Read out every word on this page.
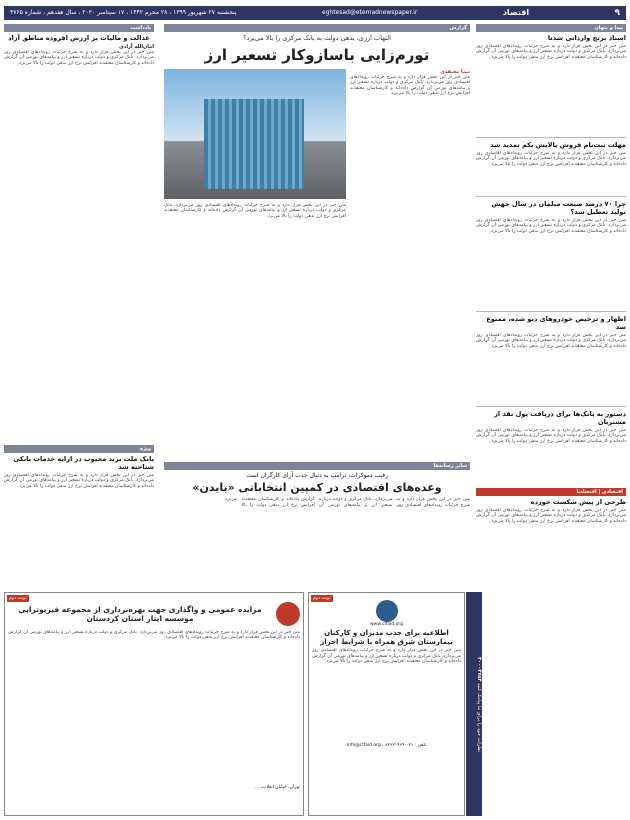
۹
اقتصاد
eghtesad@etemadnewspaper.ir
پنجشنبه ۲۷ شهریور ۱۳۹۹ ، ۲۸ محرم ۱۴۴۲ ، ۱۷ سپتامبر ۲۰۲۰ ، سال هفدهم ، شماره ۴۷۶۵
پیدا و پنهان
اسناد برنج وارداتی شدنا
متن خبر در این بخش قرار دارد و به شرح جزئیات رویدادهای اقتصادی روز می‌پردازد. بانک مرکزی و دولت درباره تسعیر ارز و پیامدهای تورمی آن گزارش داده‌اند و کارشناسان معتقدند افزایش نرخ ارز بدهی دولت را بالا می‌برد.
مهلت ثبت‌نام فروش پالایش یکم تمدید شد
متن خبر در این بخش قرار دارد و به شرح جزئیات رویدادهای اقتصادی روز می‌پردازد. بانک مرکزی و دولت درباره تسعیر ارز و پیامدهای تورمی آن گزارش داده‌اند و کارشناسان معتقدند افزایش نرخ ارز بدهی دولت را بالا می‌برد.
چرا ۷۰ درصد صنعت مبلمان در سال جهش تولید تعطیل شد؟
متن خبر در این بخش قرار دارد و به شرح جزئیات رویدادهای اقتصادی روز می‌پردازد. بانک مرکزی و دولت درباره تسعیر ارز و پیامدهای تورمی آن گزارش داده‌اند و کارشناسان معتقدند افزایش نرخ ارز بدهی دولت را بالا می‌برد.
اظهار و ترخیص خودروهای دیو شده، ممنوع شد
متن خبر در این بخش قرار دارد و به شرح جزئیات رویدادهای اقتصادی روز می‌پردازد. بانک مرکزی و دولت درباره تسعیر ارز و پیامدهای تورمی آن گزارش داده‌اند و کارشناسان معتقدند افزایش نرخ ارز بدهی دولت را بالا می‌برد.
دستور به بانک‌ها برای دریافت پول نقد از مشتریان
متن خبر در این بخش قرار دارد و به شرح جزئیات رویدادهای اقتصادی روز می‌پردازد. بانک مرکزی و دولت درباره تسعیر ارز و پیامدهای تورمی آن گزارش داده‌اند و کارشناسان معتقدند افزایش نرخ ارز بدهی دولت را بالا می‌برد.
اقتصادی | اقتصادنا
طرحی از پیش شکست خورده
متن خبر در این بخش قرار دارد و به شرح جزئیات رویدادهای اقتصادی روز می‌پردازد. بانک مرکزی و دولت درباره تسعیر ارز و پیامدهای تورمی آن گزارش داده‌اند و کارشناسان معتقدند افزایش نرخ ارز بدهی دولت را بالا می‌برد.
گزارش
التهاب ارزی، بدهی دولت به بانک مرکزی را بالا می‌برد؟
تورم‌زایی باسازوکار تسعیر ارز
نیما معتقدی
متن خبر در این بخش قرار دارد و به شرح جزئیات رویدادهای اقتصادی روز می‌پردازد. بانک مرکزی و دولت درباره تسعیر ارز و پیامدهای تورمی آن گزارش داده‌اند و کارشناسان معتقدند افزایش نرخ ارز بدهی دولت را بالا می‌برد.
متن خبر در این بخش قرار دارد و به شرح جزئیات رویدادهای اقتصادی روز می‌پردازد. بانک مرکزی و دولت درباره تسعیر ارز و پیامدهای تورمی آن گزارش داده‌اند و کارشناسان معتقدند افزایش نرخ ارز بدهی دولت را بالا می‌برد.
یادداشت
عدالت و مالیات بر ارزش افزوده مناطق آزاد
امان‌الله آزادی
متن خبر در این بخش قرار دارد و به شرح جزئیات رویدادهای اقتصادی روز می‌پردازد. بانک مرکزی و دولت درباره تسعیر ارز و پیامدهای تورمی آن گزارش داده‌اند و کارشناسان معتقدند افزایش نرخ ارز بدهی دولت را بالا می‌برد.
ویژه
بانک ملت برند محبوب در ارایه خدمات بانکی شناخته شد
متن خبر در این بخش قرار دارد و به شرح جزئیات رویدادهای اقتصادی روز می‌پردازد. بانک مرکزی و دولت درباره تسعیر ارز و پیامدهای تورمی آن گزارش داده‌اند و کارشناسان معتقدند افزایش نرخ ارز بدهی دولت را بالا می‌برد.
سایر رسانه‌ها
رقیب دموکرات، ترامپ به دنبال جذب آرای کارگران است
وعده‌های اقتصادی در کمپین انتخاباتی «بایدن»
متن خبر در این بخش قرار دارد و به شرح جزئیات رویدادهای اقتصادی روز می‌پردازد. بانک مرکزی و دولت درباره تسعیر ارز و پیامدهای تورمی آن گزارش داده‌اند و کارشناسان معتقدند افزایش نرخ ارز بدهی دولت را بالا می‌برد.
نوبت دوم
www.clfaid.org
اطلاعیه برای جذب مدیران و کارکنان بیمارستان شرق همراه با شرایط احراز
متن خبر در این بخش قرار دارد و به شرح جزئیات رویدادهای اقتصادی روز می‌پردازد. بانک مرکزی و دولت درباره تسعیر ارز و پیامدهای تورمی آن گزارش داده‌اند و کارشناسان معتقدند افزایش نرخ ارز بدهی دولت را بالا می‌برد.
تلفن : ۰۲۱-۸۲۶۲۱۹۶۹ ، info@clfaid.org	نظرات خود را برای ما پیامک کنید ۳۰۰۰۴۷۵۳
نوبت دوم
مزایده عمومی و واگذاری جهت بهره‌برداری از مجموعه فیزیوتراپی موسسه ایثار استان کردستان
متن خبر در این بخش قرار دارد و به شرح جزئیات رویدادهای اقتصادی روز می‌پردازد. بانک مرکزی و دولت درباره تسعیر ارز و پیامدهای تورمی آن گزارش داده‌اند و کارشناسان معتقدند افزایش نرخ ارز بدهی دولت را بالا می‌برد.
تهران، خیابان انقلاب، ...
